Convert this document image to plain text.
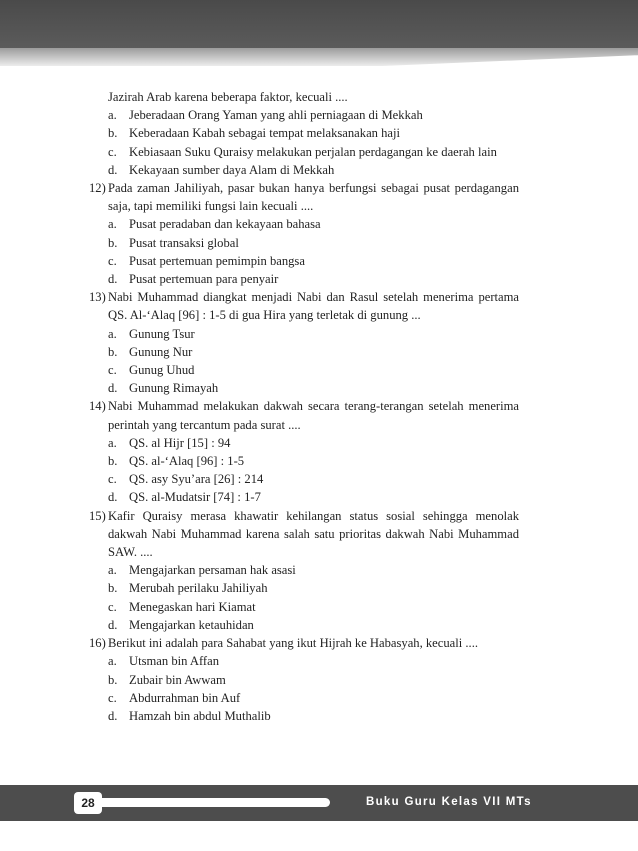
Jazirah Arab karena beberapa faktor, kecuali ....
a. Jeberadaan Orang Yaman yang ahli perniagaan di Mekkah
b. Keberadaan Kabah sebagai tempat melaksanakan haji
c. Kebiasaan Suku Quraisy melakukan perjalan perdagangan ke daerah lain
d. Kekayaan sumber daya Alam di Mekkah
12) Pada zaman Jahiliyah, pasar bukan hanya berfungsi sebagai pusat perdagangan saja, tapi memiliki fungsi lain kecuali ....
a. Pusat peradaban dan kekayaan bahasa
b. Pusat transaksi global
c. Pusat pertemuan pemimpin bangsa
d. Pusat pertemuan para penyair
13) Nabi Muhammad diangkat menjadi Nabi dan Rasul setelah menerima pertama QS. Al-‘Alaq [96] : 1-5 di gua Hira yang terletak di gunung ...
a. Gunung Tsur
b. Gunung Nur
c. Gunug Uhud
d. Gunung Rimayah
14) Nabi Muhammad melakukan dakwah secara terang-terangan setelah menerima perintah yang tercantum pada surat ....
a. QS. al Hijr [15] : 94
b. QS. al-‘Alaq [96] : 1-5
c. QS. asy Syu’ara [26] : 214
d. QS. al-Mudatsir [74] : 1-7
15) Kafir Quraisy merasa khawatir kehilangan status sosial sehingga menolak dakwah Nabi Muhammad karena salah satu prioritas dakwah Nabi Muhammad SAW. ....
a. Mengajarkan persaman hak asasi
b. Merubah perilaku Jahiliyah
c. Menegaskan hari Kiamat
d. Mengajarkan ketauhidan
16) Berikut ini adalah para Sahabat yang ikut Hijrah ke Habasyah, kecuali ....
a. Utsman bin Affan
b. Zubair bin Awwam
c. Abdurrahman bin Auf
d. Hamzah bin abdul Muthalib
28	Buku Guru Kelas VII MTs
